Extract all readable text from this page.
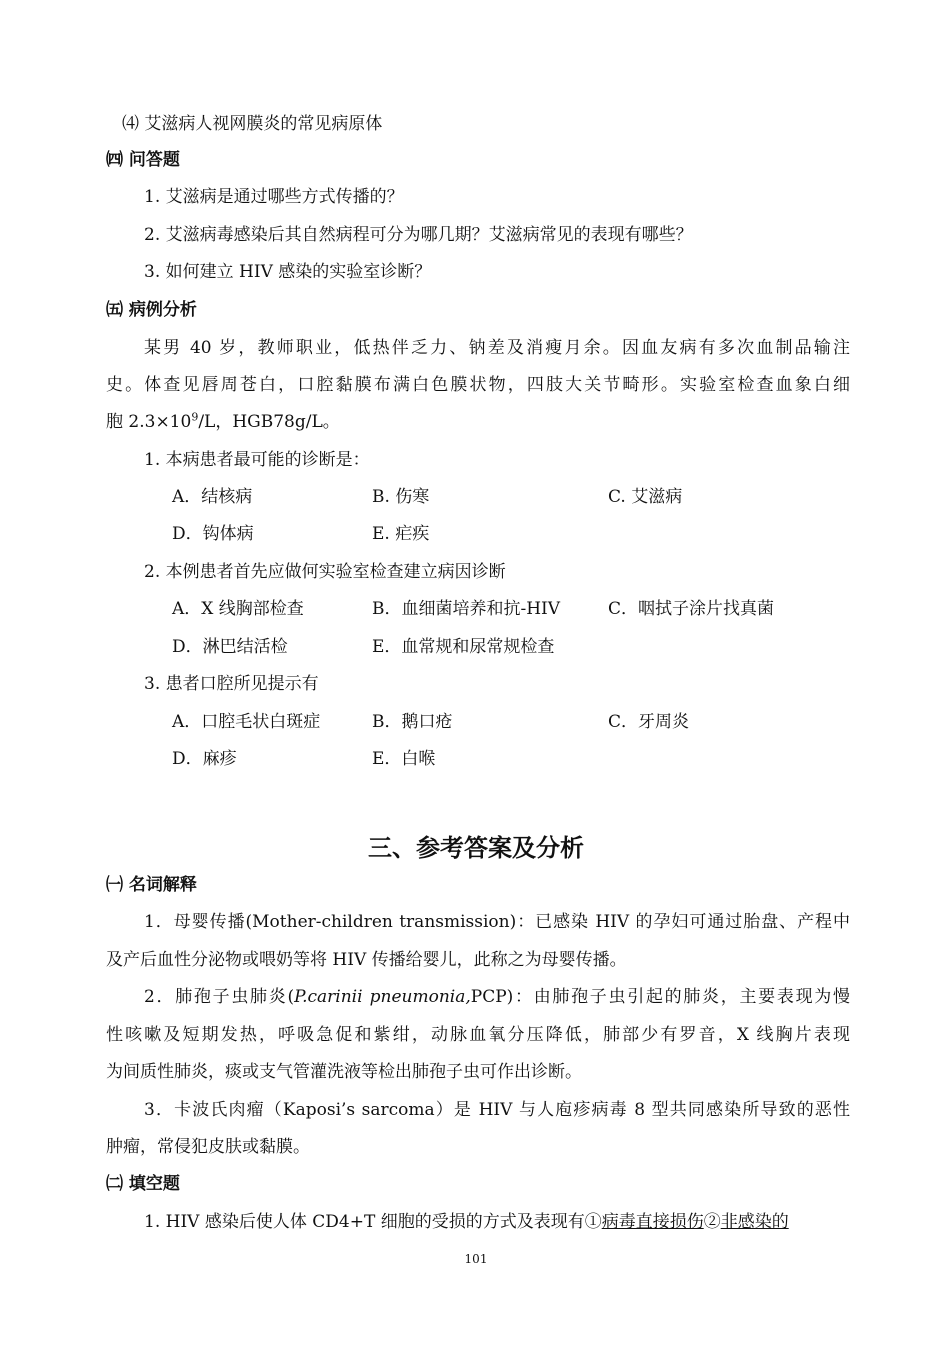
⑷ 艾滋病人视网膜炎的常见病原体
㈣ 问答题
1. 艾滋病是通过哪些方式传播的？
2. 艾滋病毒感染后其自然病程可分为哪几期？艾滋病常见的表现有哪些？
3. 如何建立 HIV 感染的实验室诊断？
㈤ 病例分析
某男 40 岁，教师职业，低热伴乏力、钠差及消瘦月余。因血友病有多次血制品输注
史。体查见唇周苍白，口腔黏膜布满白色膜状物，四肢大关节畸形。实验室检查血象白细
胞 $2.3\times 10^9/L$，HGB78g/L。
1. 本病患者最可能的诊断是：
A．结核病	B. 伤寒	C. 艾滋病
D．钩体病	E. 疟疾
2. 本例患者首先应做何实验室检查建立病因诊断
A．X 线胸部检查	B．血细菌培养和抗-HIV	C．咽拭子涂片找真菌
D．淋巴结活检	E．血常规和尿常规检查
3. 患者口腔所见提示有
A．口腔毛状白斑症	B．鹅口疮	C．牙周炎
D．麻疹	E．白喉
三、参考答案及分析
㈠ 名词解释
1．母婴传播(Mother-children transmission)：已感染 HIV 的孕妇可通过胎盘、产程中
及产后血性分泌物或喂奶等将 HIV 传播给婴儿，此称之为母婴传播。
2．肺孢子虫肺炎(P.carinii pneumonia,PCP)：由肺孢子虫引起的肺炎，主要表现为慢
性咳嗽及短期发热，呼吸急促和紫绀，动脉血氧分压降低，肺部少有罗音，X 线胸片表现
为间质性肺炎，痰或支气管灌洗液等检出肺孢子虫可作出诊断。
3．卡波氏肉瘤（Kaposi’s sarcoma）是 HIV 与人庖疹病毒 8 型共同感染所导致的恶性
肿瘤，常侵犯皮肤或黏膜。
㈡ 填空题
1. HIV 感染后使人体 CD4+T 细胞的受损的方式及表现有①病毒直接损伤②非感染的
101
